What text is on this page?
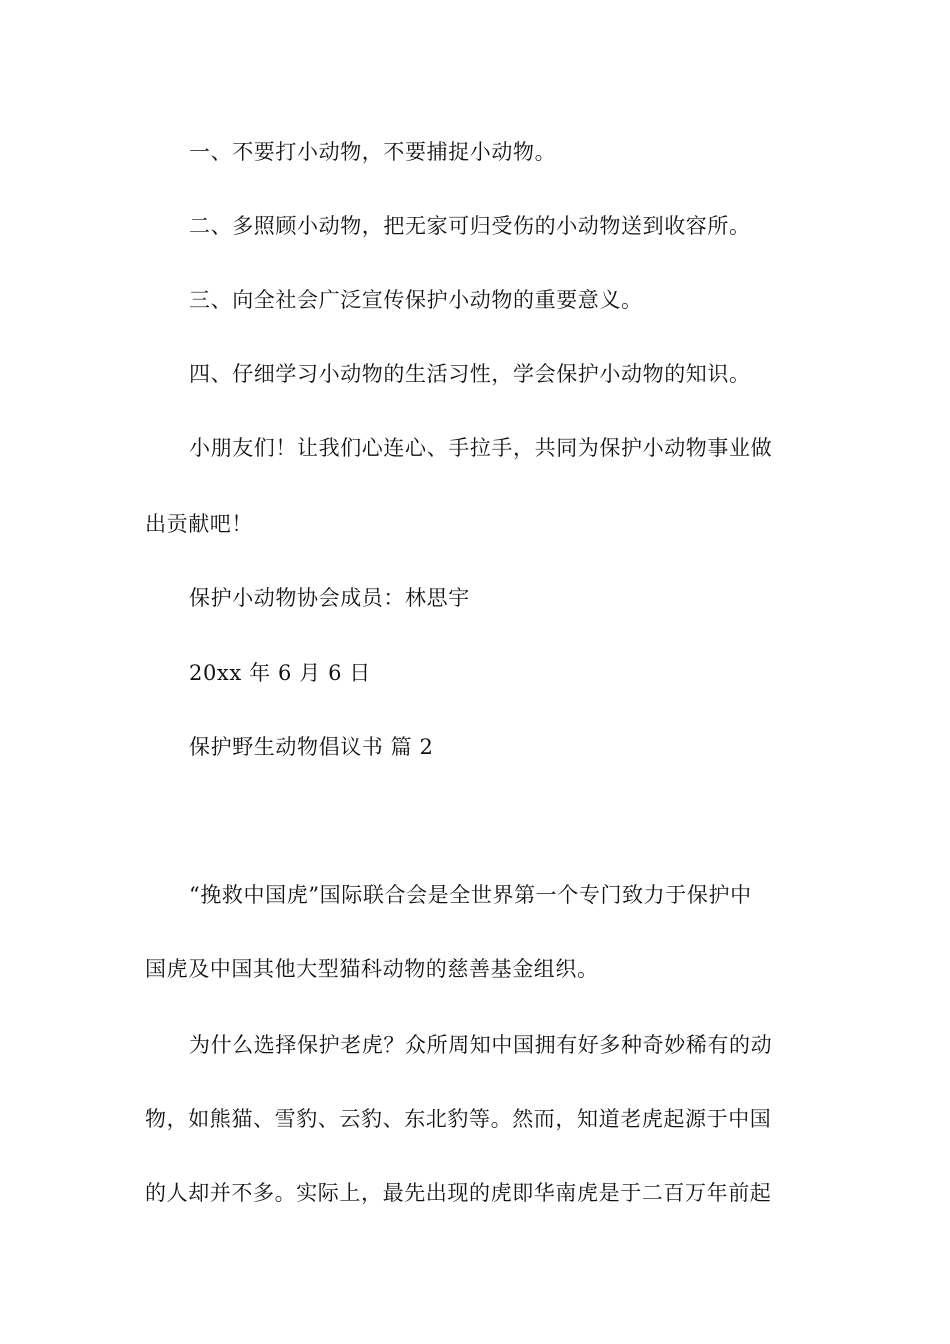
一、不要打小动物，不要捕捉小动物。
二、多照顾小动物，把无家可归受伤的小动物送到收容所。
三、向全社会广泛宣传保护小动物的重要意义。
四、仔细学习小动物的生活习性，学会保护小动物的知识。
小朋友们！让我们心连心、手拉手，共同为保护小动物事业做
出贡献吧！
保护小动物协会成员：林思宇
20xx 年 6 月 6 日
保护野生动物倡议书 篇 2
“挽救中国虎”国际联合会是全世界第一个专门致力于保护中
国虎及中国其他大型猫科动物的慈善基金组织。
为什么选择保护老虎？众所周知中国拥有好多种奇妙稀有的动
物，如熊猫、雪豹、云豹、东北豹等。然而，知道老虎起源于中国
的人却并不多。实际上，最先出现的虎即华南虎是于二百万年前起
